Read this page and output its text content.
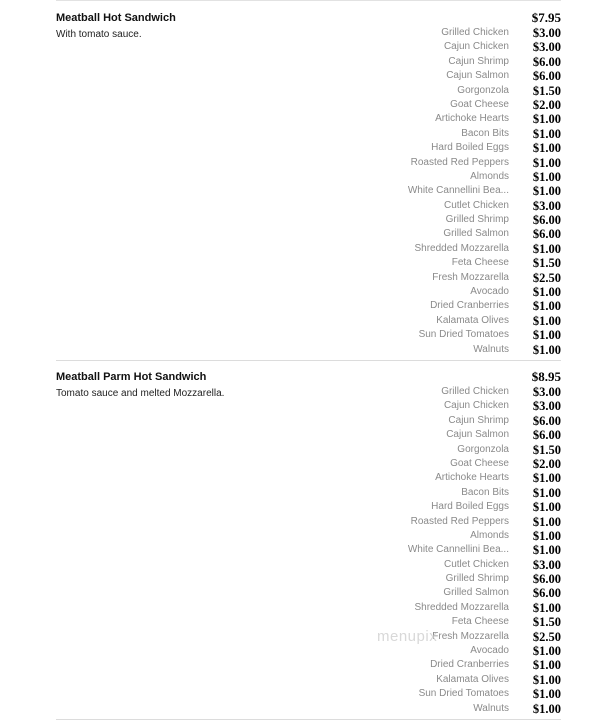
Meatball Hot Sandwich	$7.95
With tomato sauce.	Grilled Chicken $3.00
Cajun Chicken $3.00
Cajun Shrimp $6.00
Cajun Salmon $6.00
Gorgonzola $1.50
Goat Cheese $2.00
Artichoke Hearts $1.00
Bacon Bits $1.00
Hard Boiled Eggs $1.00
Roasted Red Peppers $1.00
Almonds $1.00
White Cannellini Bea... $1.00
Cutlet Chicken $3.00
Grilled Shrimp $6.00
Grilled Salmon $6.00
Shredded Mozzarella $1.00
Feta Cheese $1.50
Fresh Mozzarella $2.50
Avocado $1.00
Dried Cranberries $1.00
Kalamata Olives $1.00
Sun Dried Tomatoes $1.00
Walnuts $1.00
Meatball Parm Hot Sandwich	$8.95
Tomato sauce and melted Mozzarella.	Grilled Chicken $3.00
Cajun Chicken $3.00
Cajun Shrimp $6.00
Cajun Salmon $6.00
Gorgonzola $1.50
Goat Cheese $2.00
Artichoke Hearts $1.00
Bacon Bits $1.00
Hard Boiled Eggs $1.00
Roasted Red Peppers $1.00
Almonds $1.00
White Cannellini Bea... $1.00
Cutlet Chicken $3.00
Grilled Shrimp $6.00
Grilled Salmon $6.00
Shredded Mozzarella $1.00
Feta Cheese $1.50
Fresh Mozzarella $2.50
Avocado $1.00
Dried Cranberries $1.00
Kalamata Olives $1.00
Sun Dried Tomatoes $1.00
Walnuts $1.00
menupix
